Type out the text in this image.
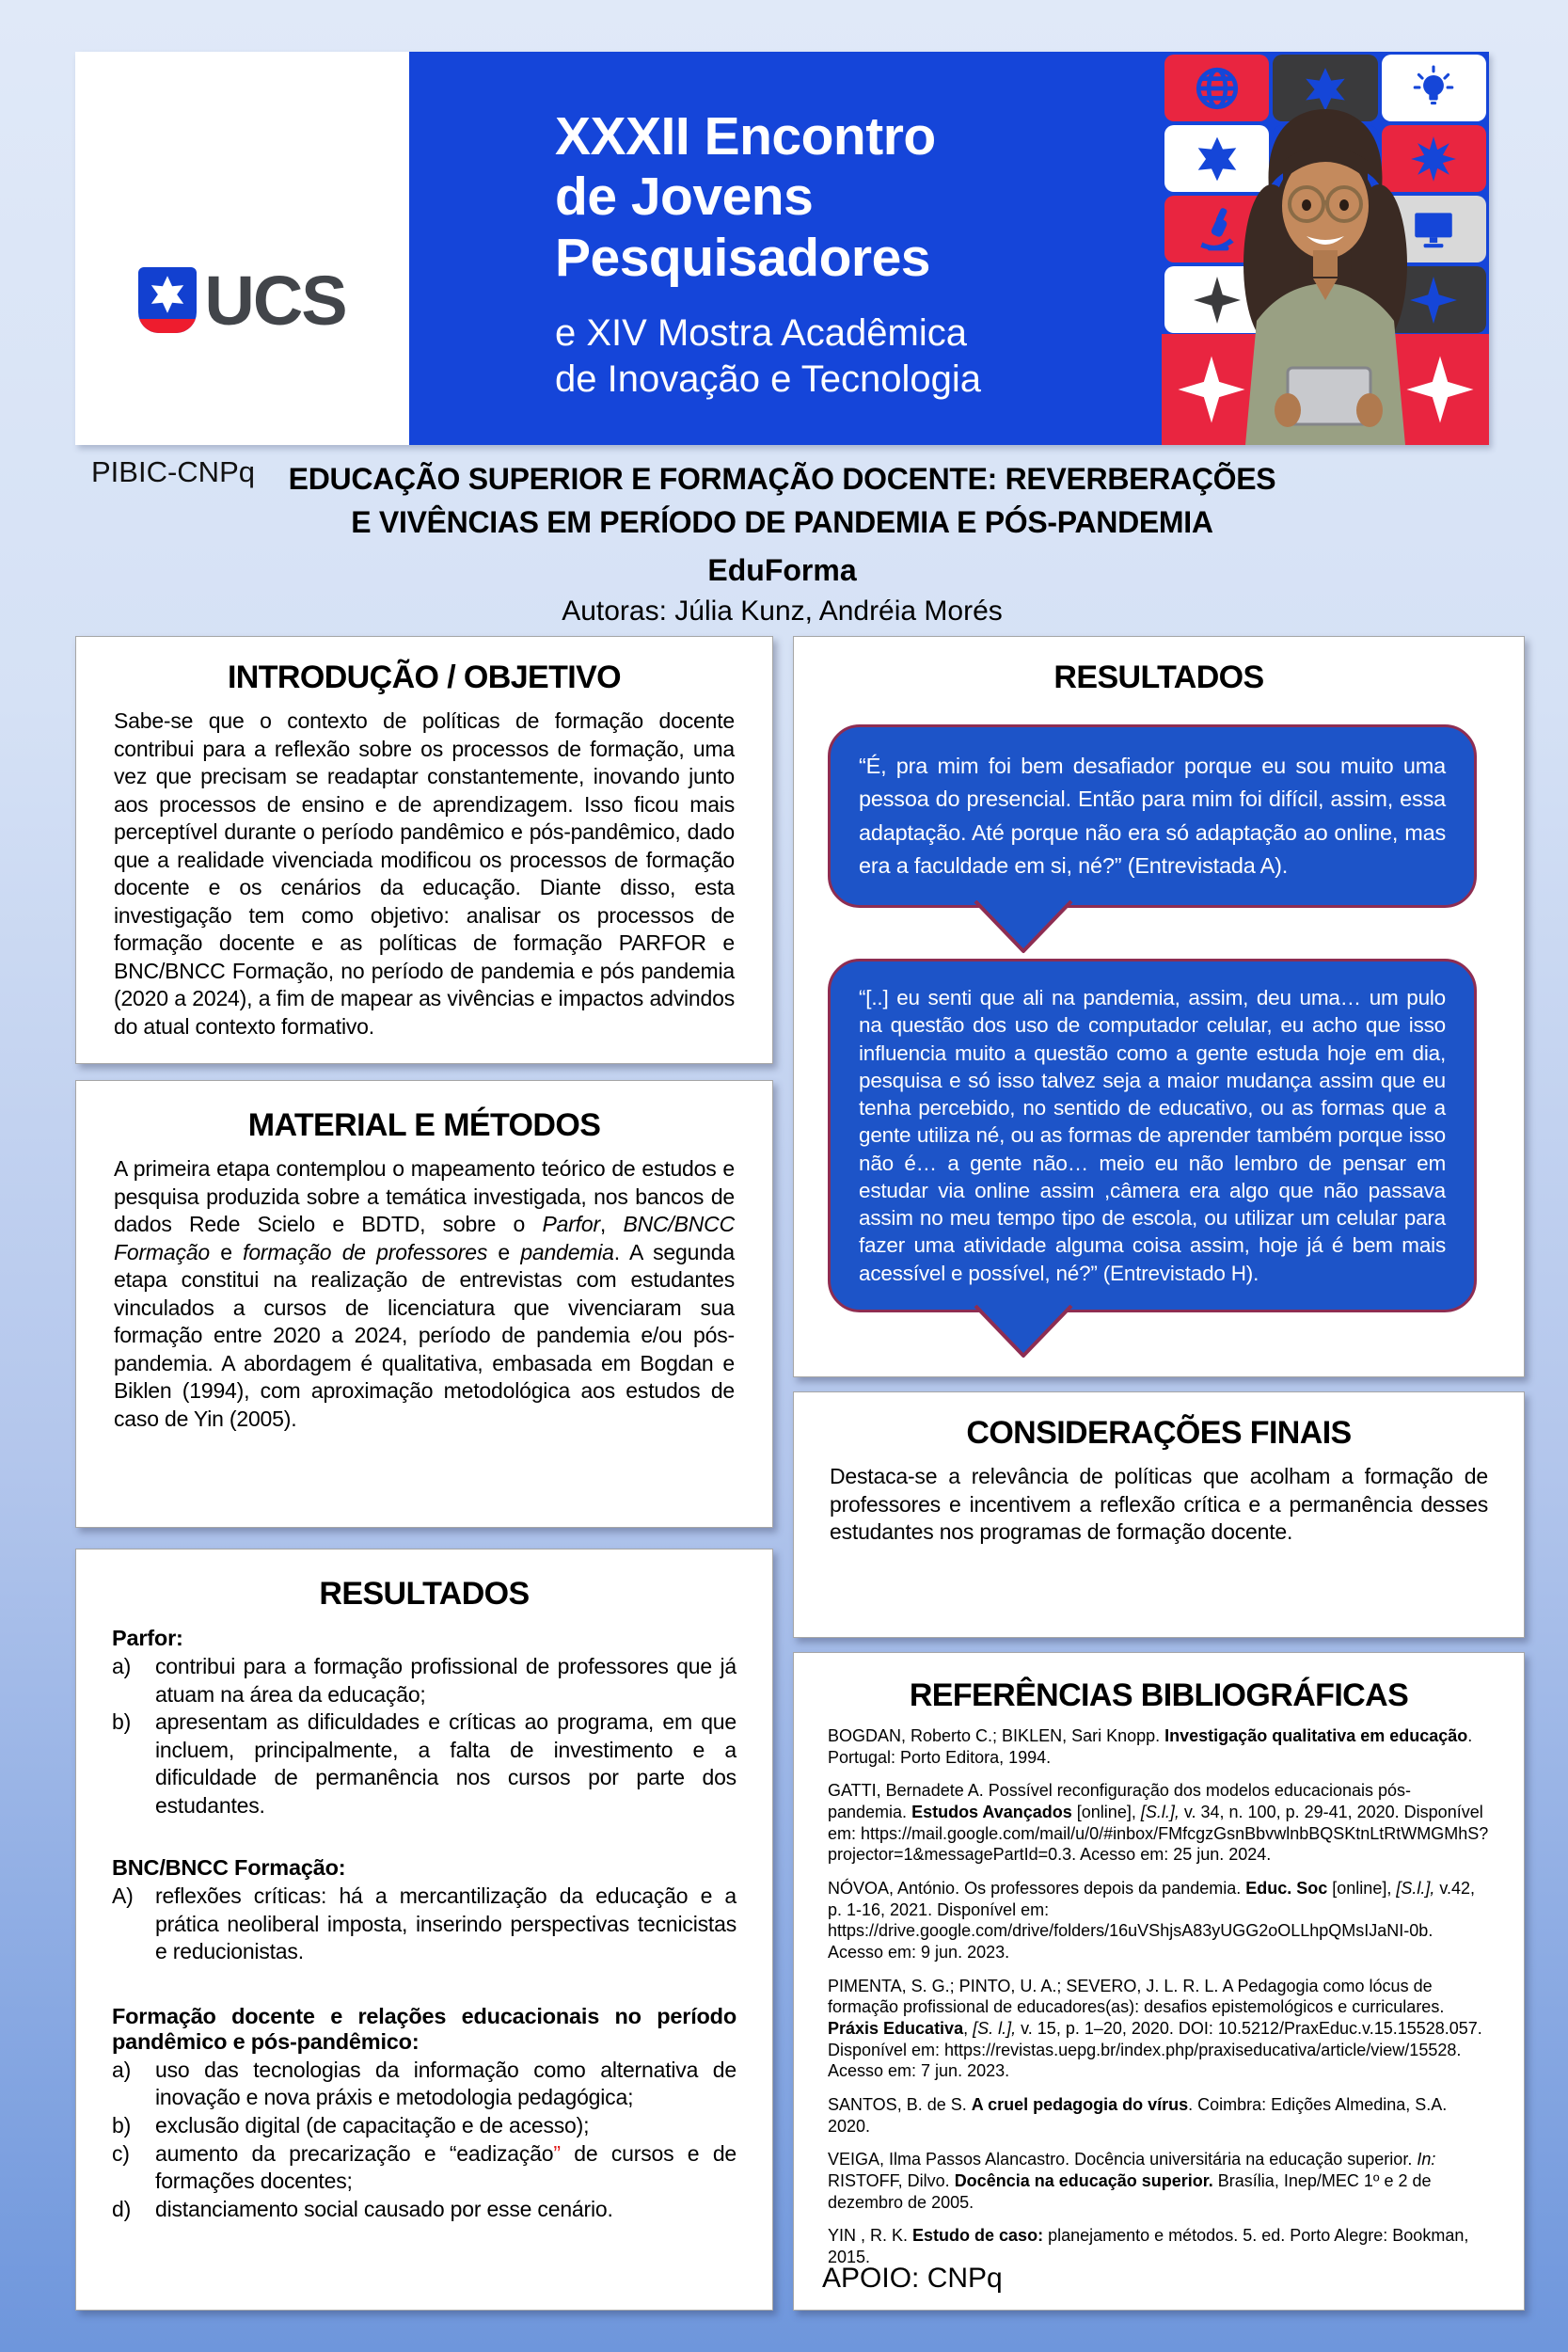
UCS
XXXII Encontro
de Jovens
Pesquisadores
e XIV Mostra Acadêmica
de Inovação e Tecnologia
PIBIC-CNPq	EDUCAÇÃO SUPERIOR E FORMAÇÃO DOCENTE: REVERBERAÇÕES
E VIVÊNCIAS EM PERÍODO DE PANDEMIA E PÓS-PANDEMIA
EduForma
Autoras: Júlia Kunz, Andréia Morés
INTRODUÇÃO / OBJETIVO
Sabe-se que o contexto de políticas de formação docente contribui para a reflexão sobre os processos de formação, uma vez que precisam se readaptar constantemente, inovando junto aos processos de ensino e de aprendizagem. Isso ficou mais perceptível durante o período pandêmico e pós-pandêmico, dado que a realidade vivenciada modificou os processos de formação docente e os cenários da educação. Diante disso, esta investigação tem como objetivo: analisar os processos de formação docente e as políticas de formação PARFOR e BNC/BNCC Formação, no período de pandemia e pós pandemia (2020 a 2024), a fim de mapear as vivências e impactos advindos do atual contexto formativo.
MATERIAL E MÉTODOS
A primeira etapa contemplou o mapeamento teórico de estudos e pesquisa produzida sobre a temática investigada, nos bancos de dados Rede Scielo e BDTD, sobre o Parfor, BNC/BNCC Formação e formação de professores e pandemia. A segunda etapa constitui na realização de entrevistas com estudantes vinculados a cursos de licenciatura que vivenciaram sua formação entre 2020 a 2024, período de pandemia e/ou pós-pandemia. A abordagem é qualitativa, embasada em Bogdan e Biklen (1994), com aproximação metodológica aos estudos de caso de Yin (2005).
RESULTADOS
Parfor:
a)	contribui para a formação profissional de professores que já atuam na área da educação;
b)	apresentam as dificuldades e críticas ao programa, em que incluem, principalmente, a falta de investimento e a dificuldade de permanência nos cursos por parte dos estudantes.
BNC/BNCC Formação:
A)	reflexões críticas: há a mercantilização da educação e a prática neoliberal imposta, inserindo perspectivas tecnicistas e reducionistas.
Formação docente e relações educacionais no período pandêmico e pós-pandêmico:
a)	uso das tecnologias da informação como alternativa de inovação e nova práxis e metodologia pedagógica;
b)	exclusão digital (de capacitação e de acesso);
c)	aumento da precarização e “eadização” de cursos e de formações docentes;
d)	distanciamento social causado por esse cenário.
RESULTADOS
“É, pra mim foi bem desafiador porque eu sou muito uma pessoa do presencial. Então para mim foi difícil, assim, essa adaptação. Até porque não era só adaptação ao online, mas era a faculdade em si, né?” (Entrevistada A).
“[..] eu senti que ali na pandemia, assim, deu uma… um pulo na questão dos uso de computador celular, eu acho que isso influencia muito a questão como a gente estuda hoje em dia, pesquisa e só isso talvez seja a maior mudança assim que eu tenha percebido, no sentido de educativo, ou as formas que a gente utiliza né, ou as formas de aprender também porque isso não é… a gente não… meio eu não lembro de pensar em estudar via online assim ,câmera era algo que não passava assim no meu tempo tipo de escola, ou utilizar um celular para fazer uma atividade alguma coisa assim, hoje já é bem mais acessível e possível, né?” (Entrevistado H).
CONSIDERAÇÕES FINAIS
Destaca-se a relevância de políticas que acolham a formação de professores e incentivem a reflexão crítica e a permanência desses estudantes nos programas de formação docente.
REFERÊNCIAS BIBLIOGRÁFICAS
BOGDAN, Roberto C.; BIKLEN, Sari Knopp. Investigação qualitativa em educação. Portugal: Porto Editora, 1994.
GATTI, Bernadete A. Possível reconfiguração dos modelos educacionais pós-pandemia. Estudos Avançados [online], [S.l.], v. 34, n. 100, p. 29-41, 2020. Disponível em: https://mail.google.com/mail/u/0/#inbox/FMfcgzGsnBbvwlnbBQSKtnLtRtWMGMhS?projector=1&messagePartId=0.3. Acesso em: 25 jun. 2024.
NÓVOA, António. Os professores depois da pandemia. Educ. Soc [online], [S.l.], v.42, p. 1-16, 2021. Disponível em: https://drive.google.com/drive/folders/16uVShjsA83yUGG2oOLLhpQMsIJaNI-0b. Acesso em: 9 jun. 2023.
PIMENTA, S. G.; PINTO, U. A.; SEVERO, J. L. R. L. A Pedagogia como lócus de formação profissional de educadores(as): desafios epistemológicos e curriculares. Práxis Educativa, [S. l.], v. 15, p. 1–20, 2020. DOI: 10.5212/PraxEduc.v.15.15528.057. Disponível em: https://revistas.uepg.br/index.php/praxiseducativa/article/view/15528. Acesso em: 7 jun. 2023.
SANTOS, B. de S. A cruel pedagogia do vírus. Coimbra: Edições Almedina, S.A. 2020.
VEIGA, Ilma Passos Alancastro. Docência universitária na educação superior. In: RISTOFF, Dilvo. Docência na educação superior. Brasília, Inep/MEC 1º e 2 de dezembro de 2005.
YIN , R. K. Estudo de caso: planejamento e métodos. 5. ed. Porto Alegre: Bookman, 2015.
APOIO: CNPq
